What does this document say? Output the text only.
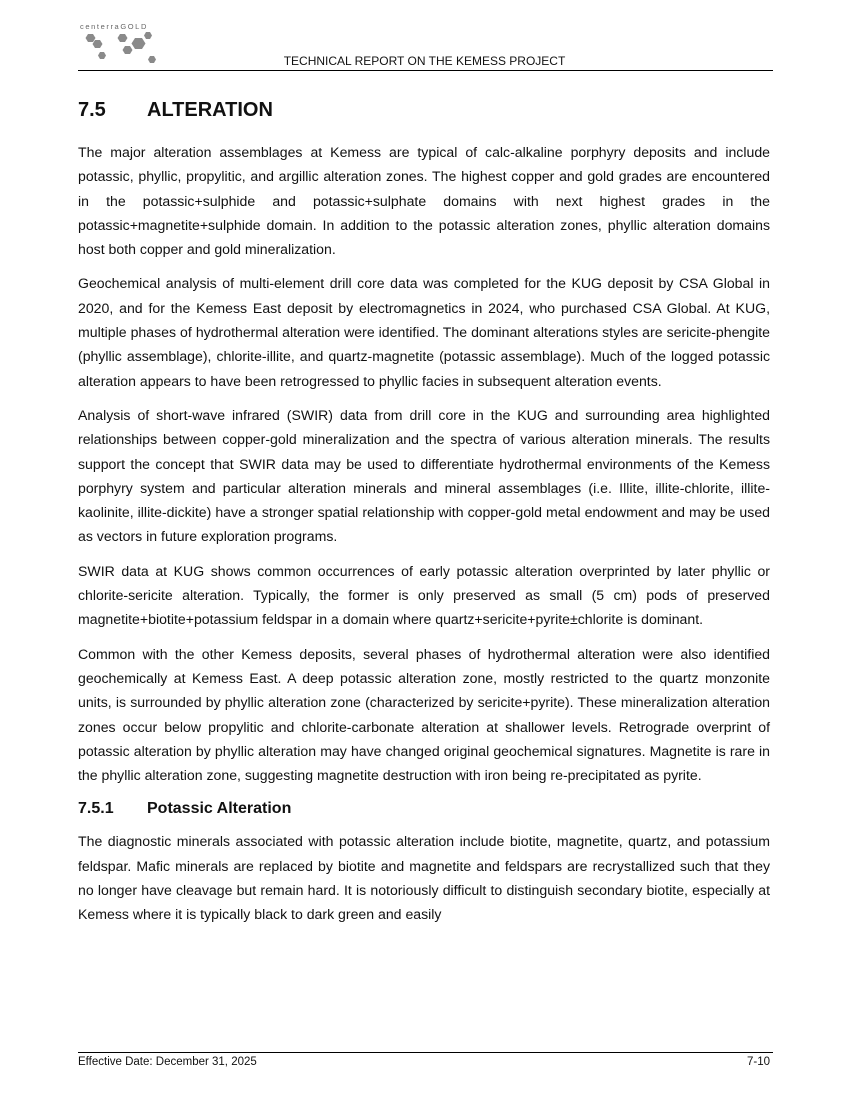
centerraGOLD
TECHNICAL REPORT ON THE KEMESS PROJECT
7.5 ALTERATION

The major alteration assemblages at Kemess are typical of calc-alkaline porphyry deposits and include potassic, phyllic, propylitic, and argillic alteration zones. The highest copper and gold grades are encountered in the potassic+sulphide and potassic+sulphate domains with next highest grades in the potassic+magnetite+sulphide domain. In addition to the potassic alteration zones, phyllic alteration domains host both copper and gold mineralization.

Geochemical analysis of multi-element drill core data was completed for the KUG deposit by CSA Global in 2020, and for the Kemess East deposit by electromagnetics in 2024, who purchased CSA Global. At KUG, multiple phases of hydrothermal alteration were identified. The dominant alterations styles are sericite-phengite (phyllic assemblage), chlorite-illite, and quartz-magnetite (potassic assemblage). Much of the logged potassic alteration appears to have been retrogressed to phyllic facies in subsequent alteration events.

Analysis of short-wave infrared (SWIR) data from drill core in the KUG and surrounding area highlighted relationships between copper-gold mineralization and the spectra of various alteration minerals. The results support the concept that SWIR data may be used to differentiate hydrothermal environments of the Kemess porphyry system and particular alteration minerals and mineral assemblages (i.e. Illite, illite-chlorite, illite-kaolinite, illite-dickite) have a stronger spatial relationship with copper-gold metal endowment and may be used as vectors in future exploration programs.

SWIR data at KUG shows common occurrences of early potassic alteration overprinted by later phyllic or chlorite-sericite alteration. Typically, the former is only preserved as small (5 cm) pods of preserved magnetite+biotite+potassium feldspar in a domain where quartz+sericite+pyrite±chlorite is dominant.

Common with the other Kemess deposits, several phases of hydrothermal alteration were also identified geochemically at Kemess East. A deep potassic alteration zone, mostly restricted to the quartz monzonite units, is surrounded by phyllic alteration zone (characterized by sericite+pyrite). These mineralization alteration zones occur below propylitic and chlorite-carbonate alteration at shallower levels. Retrograde overprint of potassic alteration by phyllic alteration may have changed original geochemical signatures. Magnetite is rare in the phyllic alteration zone, suggesting magnetite destruction with iron being re-precipitated as pyrite.

7.5.1 Potassic Alteration

The diagnostic minerals associated with potassic alteration include biotite, magnetite, quartz, and potassium feldspar. Mafic minerals are replaced by biotite and magnetite and feldspars are recrystallized such that they no longer have cleavage but remain hard. It is notoriously difficult to distinguish secondary biotite, especially at Kemess where it is typically black to dark green and easily

Effective Date: December 31, 2025	7-10
